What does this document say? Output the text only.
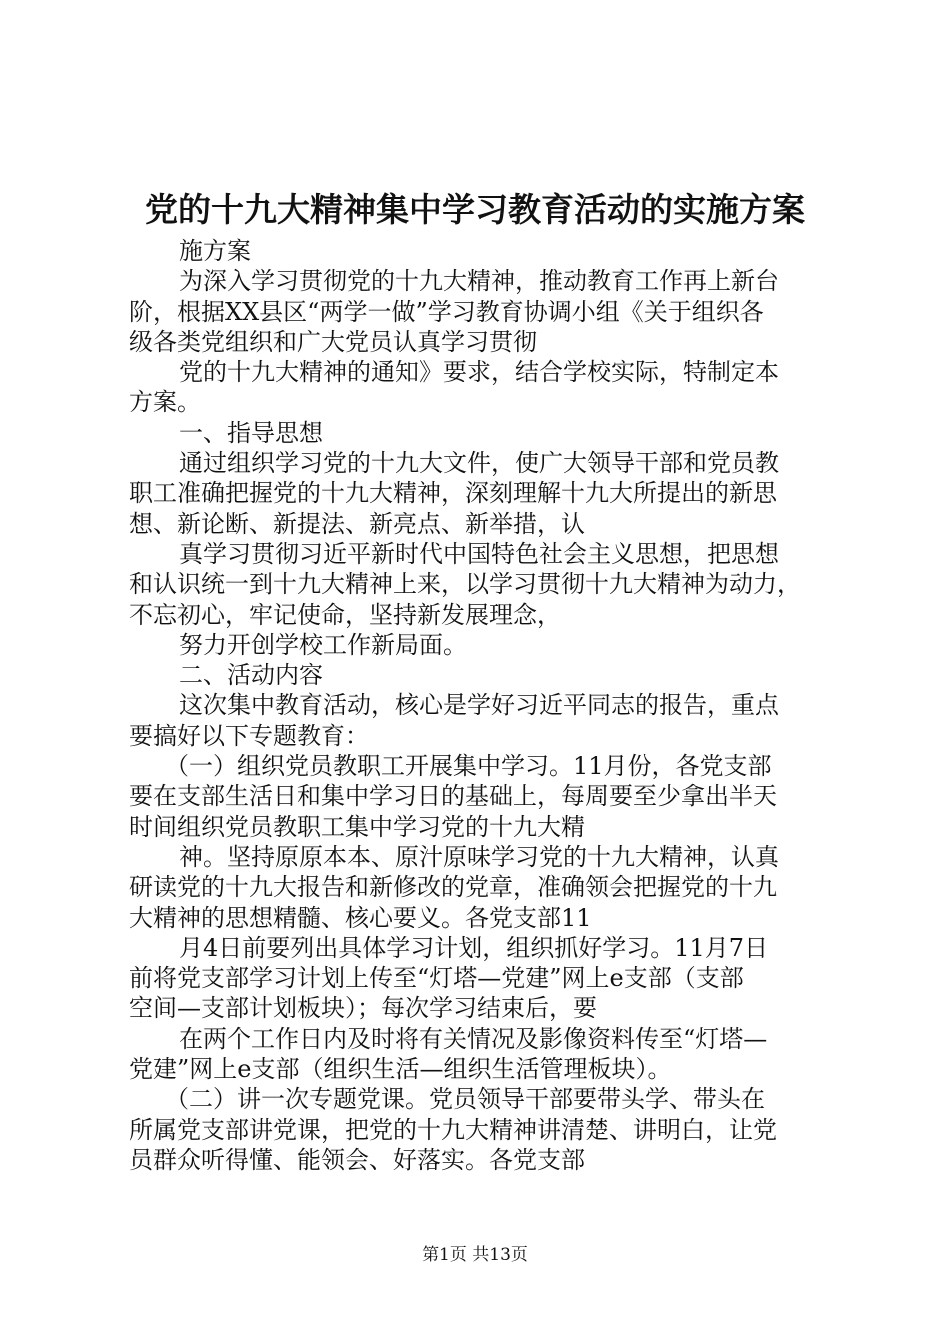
党的十九大精神集中学习教育活动的实施方案
施方案
为深入学习贯彻党的十九大精神，推动教育工作再上新台
阶，根据XX县区“两学一做”学习教育协调小组《关于组织各
级各类党组织和广大党员认真学习贯彻
党的十九大精神的通知》要求，结合学校实际，特制定本
方案。
一、指导思想
通过组织学习党的十九大文件，使广大领导干部和党员教
职工准确把握党的十九大精神，深刻理解十九大所提出的新思
想、新论断、新提法、新亮点、新举措，认
真学习贯彻习近平新时代中国特色社会主义思想，把思想
和认识统一到十九大精神上来，以学习贯彻十九大精神为动力，
不忘初心，牢记使命，坚持新发展理念，
努力开创学校工作新局面。
二、活动内容
这次集中教育活动，核心是学好习近平同志的报告，重点
要搞好以下专题教育：
（一）组织党员教职工开展集中学习。11月份，各党支部
要在支部生活日和集中学习日的基础上，每周要至少拿出半天
时间组织党员教职工集中学习党的十九大精
神。坚持原原本本、原汁原味学习党的十九大精神，认真
研读党的十九大报告和新修改的党章，准确领会把握党的十九
大精神的思想精髓、核心要义。各党支部11
月4日前要列出具体学习计划，组织抓好学习。11月7日
前将党支部学习计划上传至“灯塔—党建”网上e支部（支部
空间—支部计划板块）；每次学习结束后，要
在两个工作日内及时将有关情况及影像资料传至“灯塔—
党建”网上e支部（组织生活—组织生活管理板块）。
（二）讲一次专题党课。党员领导干部要带头学、带头在
所属党支部讲党课，把党的十九大精神讲清楚、讲明白，让党
员群众听得懂、能领会、好落实。各党支部
第1页 共13页
